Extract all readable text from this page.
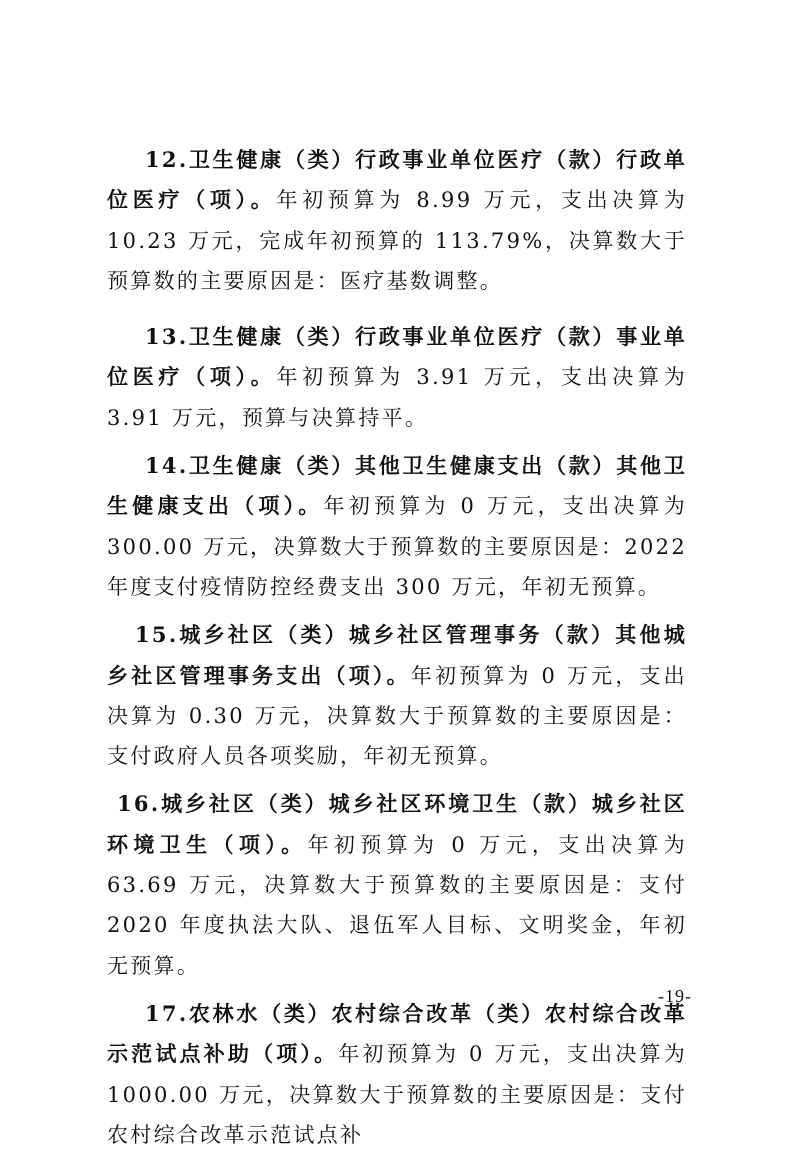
12.卫生健康（类）行政事业单位医疗（款）行政单位医疗（项）。年初预算为 8.99 万元，支出决算为 10.23 万元，完成年初预算的 113.79%，决算数大于预算数的主要原因是：医疗基数调整。

13.卫生健康（类）行政事业单位医疗（款）事业单位医疗（项）。年初预算为 3.91 万元，支出决算为 3.91 万元，预算与决算持平。

14.卫生健康（类）其他卫生健康支出（款）其他卫生健康支出（项）。年初预算为 0 万元，支出决算为 300.00 万元，决算数大于预算数的主要原因是：2022 年度支付疫情防控经费支出 300 万元，年初无预算。

15.城乡社区（类）城乡社区管理事务（款）其他城乡社区管理事务支出（项）。年初预算为 0 万元，支出决算为 0.30 万元，决算数大于预算数的主要原因是：支付政府人员各项奖励，年初无预算。

16.城乡社区（类）城乡社区环境卫生（款）城乡社区环境卫生（项）。年初预算为 0 万元，支出决算为 63.69 万元，决算数大于预算数的主要原因是：支付 2020 年度执法大队、退伍军人目标、文明奖金，年初无预算。

17.农林水（类）农村综合改革（类）农村综合改革示范试点补助（项）。年初预算为 0 万元，支出决算为 1000.00 万元，决算数大于预算数的主要原因是：支付农村综合改革示范试点补

-19-
